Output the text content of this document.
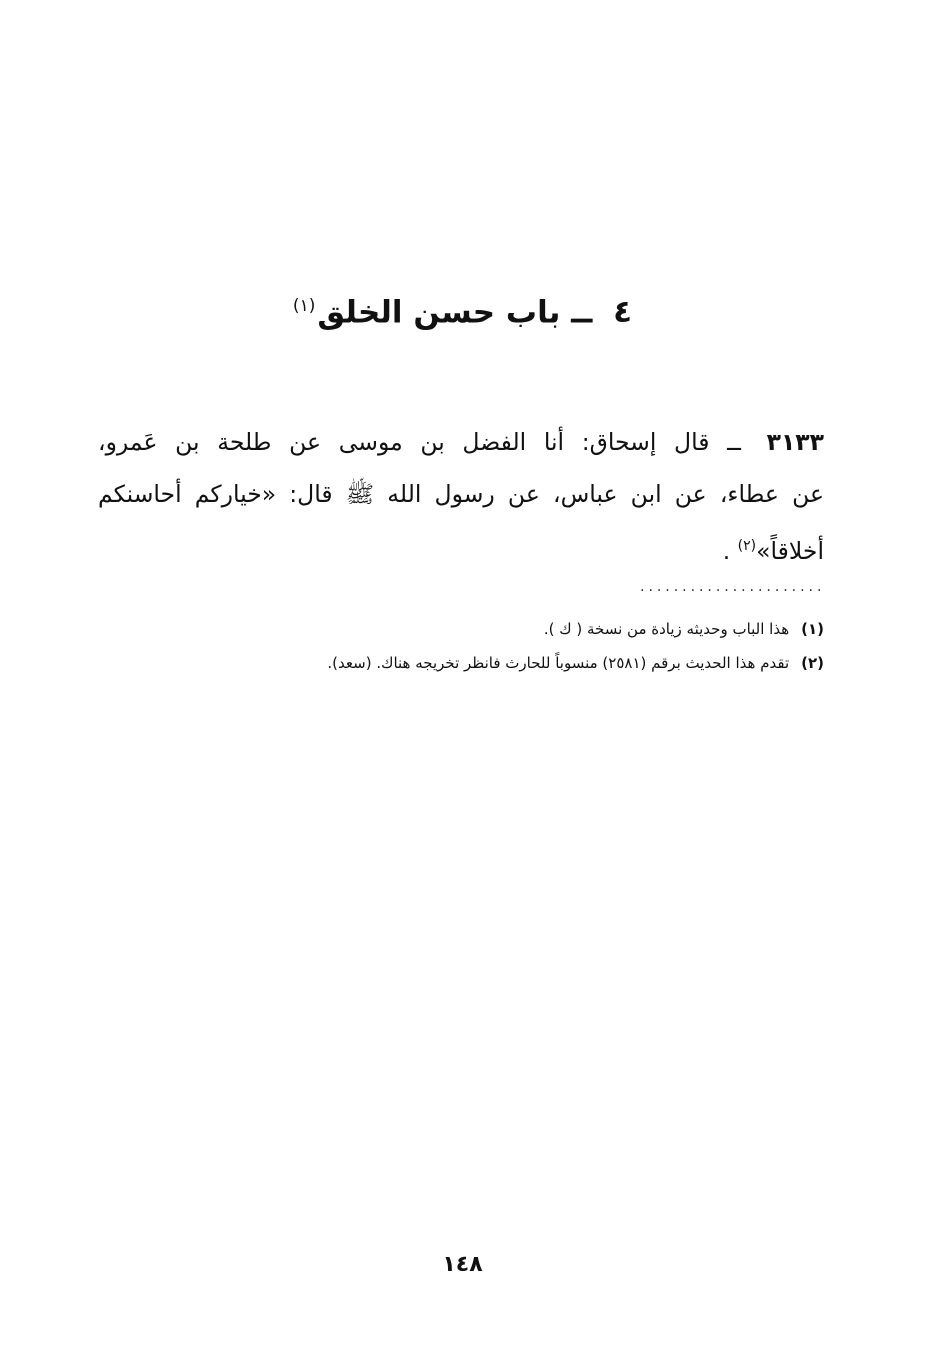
٤ ــ باب حسن الخلق$^{(١)}$
٣١٣٣ ــ قال إسحاق: أنا الفضل بن موسى عن طلحة بن عَمرو،
عن عطاء، عن ابن عباس، عن رسول الله ﷺ قال: «خياركم أحاسنكم
أخلاقاً»$^{(٢)}$ .
......................
(١)هذا الباب وحديثه زيادة من نسخة ( ك ).
(٢)تقدم هذا الحديث برقم (٢٥٨١) منسوباً للحارث فانظر تخريجه هناك. (سعد).
١٤٨
